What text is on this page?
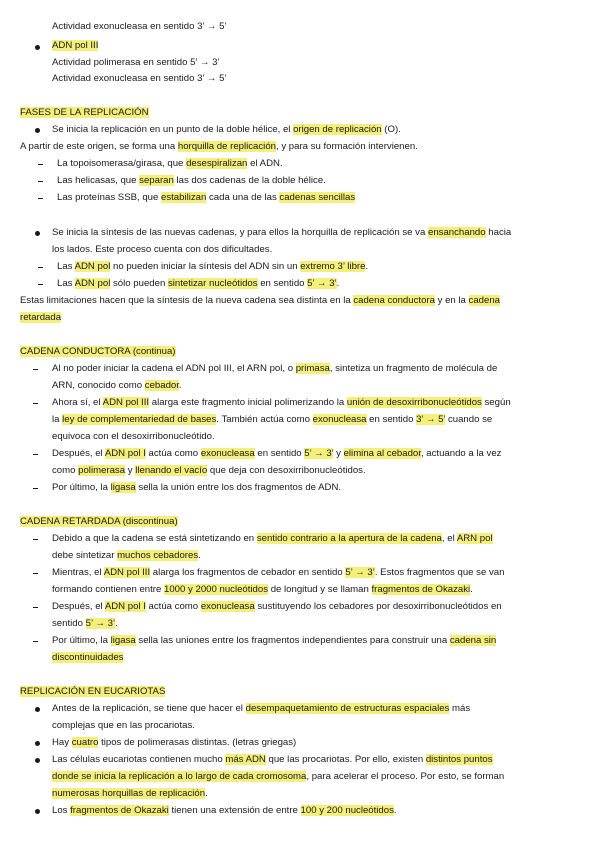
Actividad exonucleasa en sentido 3’ → 5’
ADN pol III
Actividad polimerasa en sentido 5’ → 3’
Actividad exonucleasa en sentido 3’ → 5’
FASES DE LA REPLICACIÓN
Se inicia la replicación en un punto de la doble hélice, el origen de replicación (O).
A partir de este origen, se forma una horquilla de replicación, y para su formación intervienen.
La topoisomerasa/girasa, que desespiralizan el ADN.
Las helicasas, que separan las dos cadenas de la doble hélice.
Las proteínas SSB, que estabilizan cada una de las cadenas sencillas
Se inicia la síntesis de las nuevas cadenas, y para ellos la horquilla de replicación se va ensanchando hacia
los lados. Este proceso cuenta con dos dificultades.
Las ADN pol no pueden iniciar la síntesis del ADN sin un extremo 3’ libre.
Las ADN pol sólo pueden sintetizar nucleótidos en sentido 5’ → 3’.
Estas limitaciones hacen que la síntesis de la nueva cadena sea distinta en la cadena conductora y en la cadena
retardada
CADENA CONDUCTORA (continua)
Al no poder iniciar la cadena el ADN pol III, el ARN pol, o primasa, sintetiza un fragmento de molécula de
ARN, conocido como cebador.
Ahora sí, el ADN pol III alarga este fragmento inicial polimerizando la unión de desoxirribonucleótidos según
la ley de complementariedad de bases. También actúa como exonucleasa en sentido 3’ → 5’ cuando se
equivoca con el desoxirribonucleótido.
Después, el ADN pol I actúa como exonucleasa en sentido 5’ → 3’ y elimina al cebador, actuando a la vez
como polimerasa y llenando el vacío que deja con desoxirribonucleótidos.
Por último, la ligasa sella la unión entre los dos fragmentos de ADN.
CADENA RETARDADA (discontinua)
Debido a que la cadena se está sintetizando en sentido contrario a la apertura de la cadena, el ARN pol
debe sintetizar muchos cebadores.
Mientras, el ADN pol III alarga los fragmentos de cebador en sentido 5’ → 3’. Estos fragmentos que se van
formando contienen entre 1000 y 2000 nucleótidos de longitud y se llaman fragmentos de Okazaki.
Después, el ADN pol I actúa como exonucleasa sustituyendo los cebadores por desoxirribonucleótidos en
sentido 5’ → 3’.
Por último, la ligasa sella las uniones entre los fragmentos independientes para construir una cadena sin
discontinuidades
REPLICACIÓN EN EUCARIOTAS
Antes de la replicación, se tiene que hacer el desempaquetamiento de estructuras espaciales más
complejas que en las procariotas.
Hay cuatro tipos de polimerasas distintas. (letras griegas)
Las células eucariotas contienen mucho más ADN que las procariotas. Por ello, existen distintos puntos
donde se inicia la replicación a lo largo de cada cromosoma, para acelerar el proceso. Por esto, se forman
numerosas horquillas de replicación.
Los fragmentos de Okazaki tienen una extensión de entre 100 y 200 nucleótidos.
